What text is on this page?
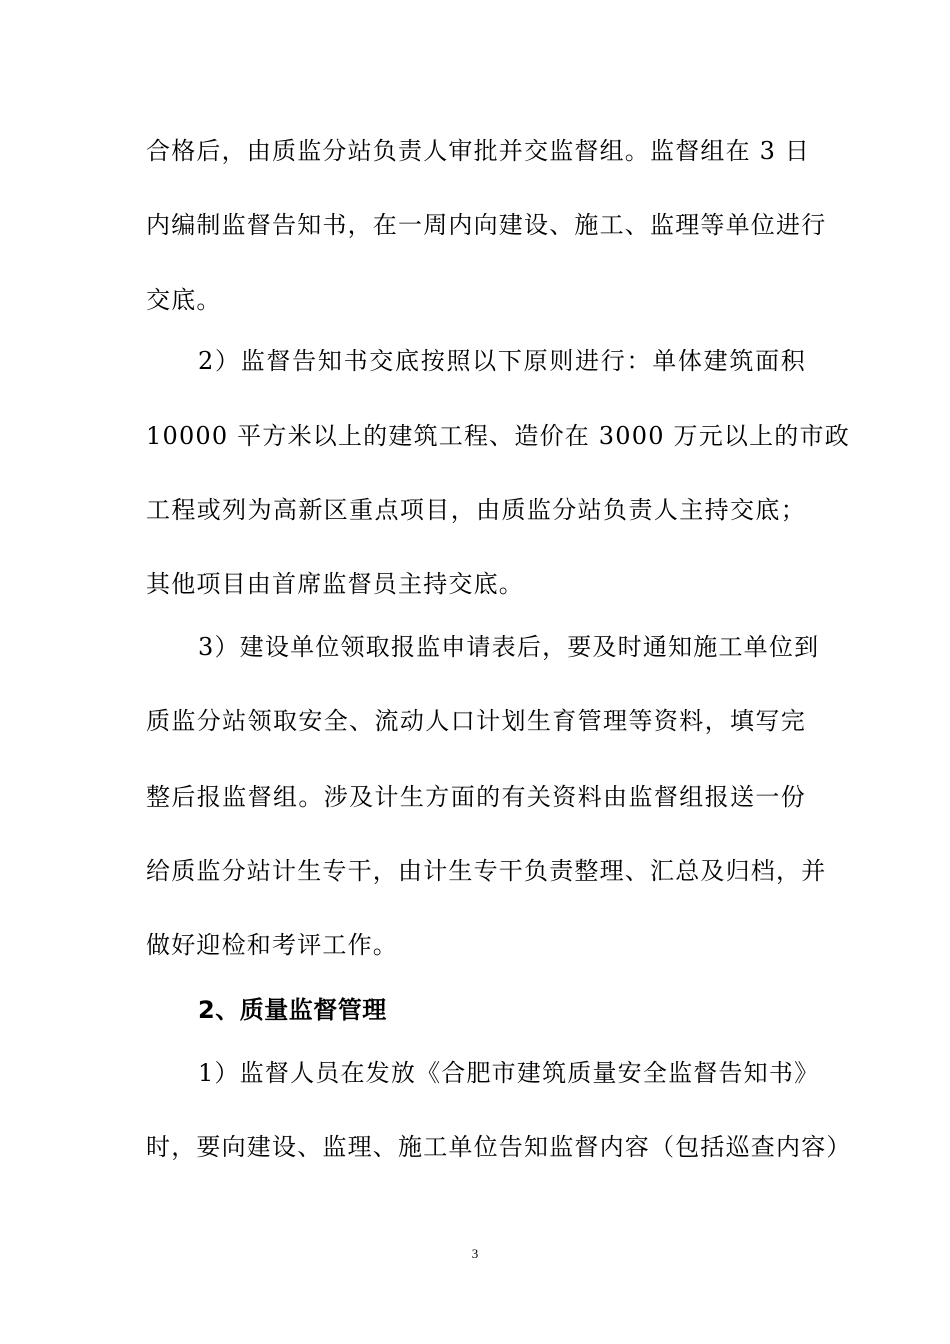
合格后，由质监分站负责人审批并交监督组。监督组在 3 日
内编制监督告知书，在一周内向建设、施工、监理等单位进行
交底。
2）监督告知书交底按照以下原则进行：单体建筑面积
10000 平方米以上的建筑工程、造价在 3000 万元以上的市政
工程或列为高新区重点项目，由质监分站负责人主持交底；
其他项目由首席监督员主持交底。
3）建设单位领取报监申请表后，要及时通知施工单位到
质监分站领取安全、流动人口计划生育管理等资料，填写完
整后报监督组。涉及计生方面的有关资料由监督组报送一份
给质监分站计生专干，由计生专干负责整理、汇总及归档，并
做好迎检和考评工作。
2、质量监督管理
1）监督人员在发放《合肥市建筑质量安全监督告知书》
时，要向建设、监理、施工单位告知监督内容（包括巡查内容）
3
